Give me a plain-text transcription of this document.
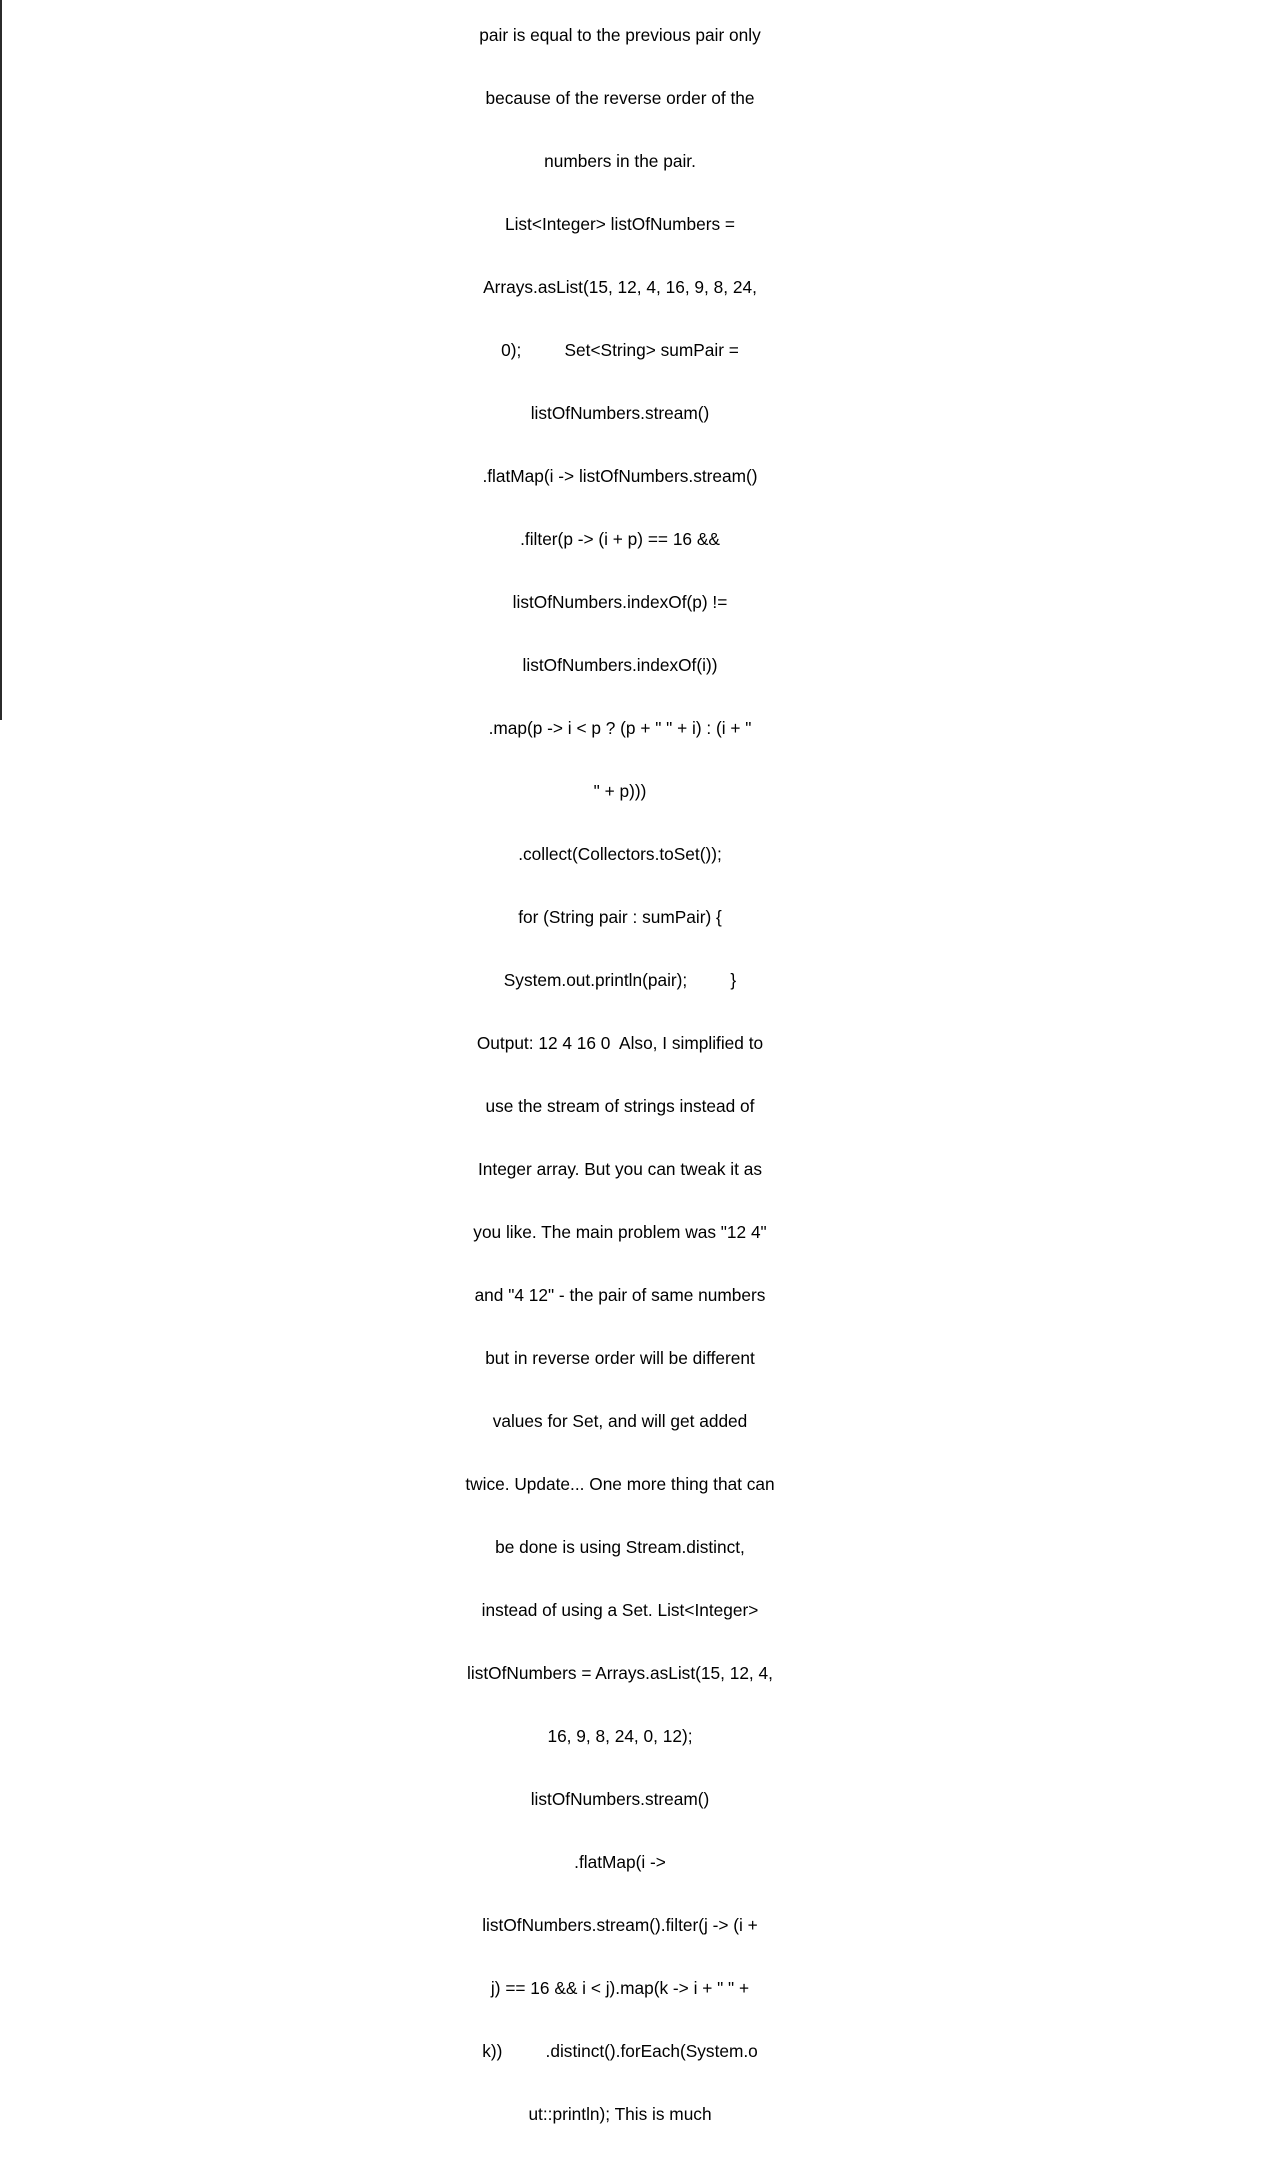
pair is equal to the previous pair only

because of the reverse order of the

numbers in the pair.

List<Integer> listOfNumbers =

Arrays.asList(15, 12, 4, 16, 9, 8, 24,

0);         Set<String> sumPair =

listOfNumbers.stream()

.flatMap(i -> listOfNumbers.stream()

.filter(p -> (i + p) == 16 &&

listOfNumbers.indexOf(p) !=

listOfNumbers.indexOf(i))

.map(p -> i < p ? (p + " " + i) : (i + "

" + p)))

.collect(Collectors.toSet());

for (String pair : sumPair) {

System.out.println(pair);         }

Output: 12 4 16 0  Also, I simplified to

use the stream of strings instead of

Integer array. But you can tweak it as

you like. The main problem was "12 4"

and "4 12" - the pair of same numbers

but in reverse order will be different

values for Set, and will get added

twice. Update... One more thing that can

be done is using Stream.distinct,

instead of using a Set. List<Integer>

listOfNumbers = Arrays.asList(15, 12, 4,

16, 9, 8, 24, 0, 12);

listOfNumbers.stream()

.flatMap(i ->

listOfNumbers.stream().filter(j -> (i +

j) == 16 && i < j).map(k -> i + " " +

k))         .distinct().forEach(System.o

ut::println); This is much
